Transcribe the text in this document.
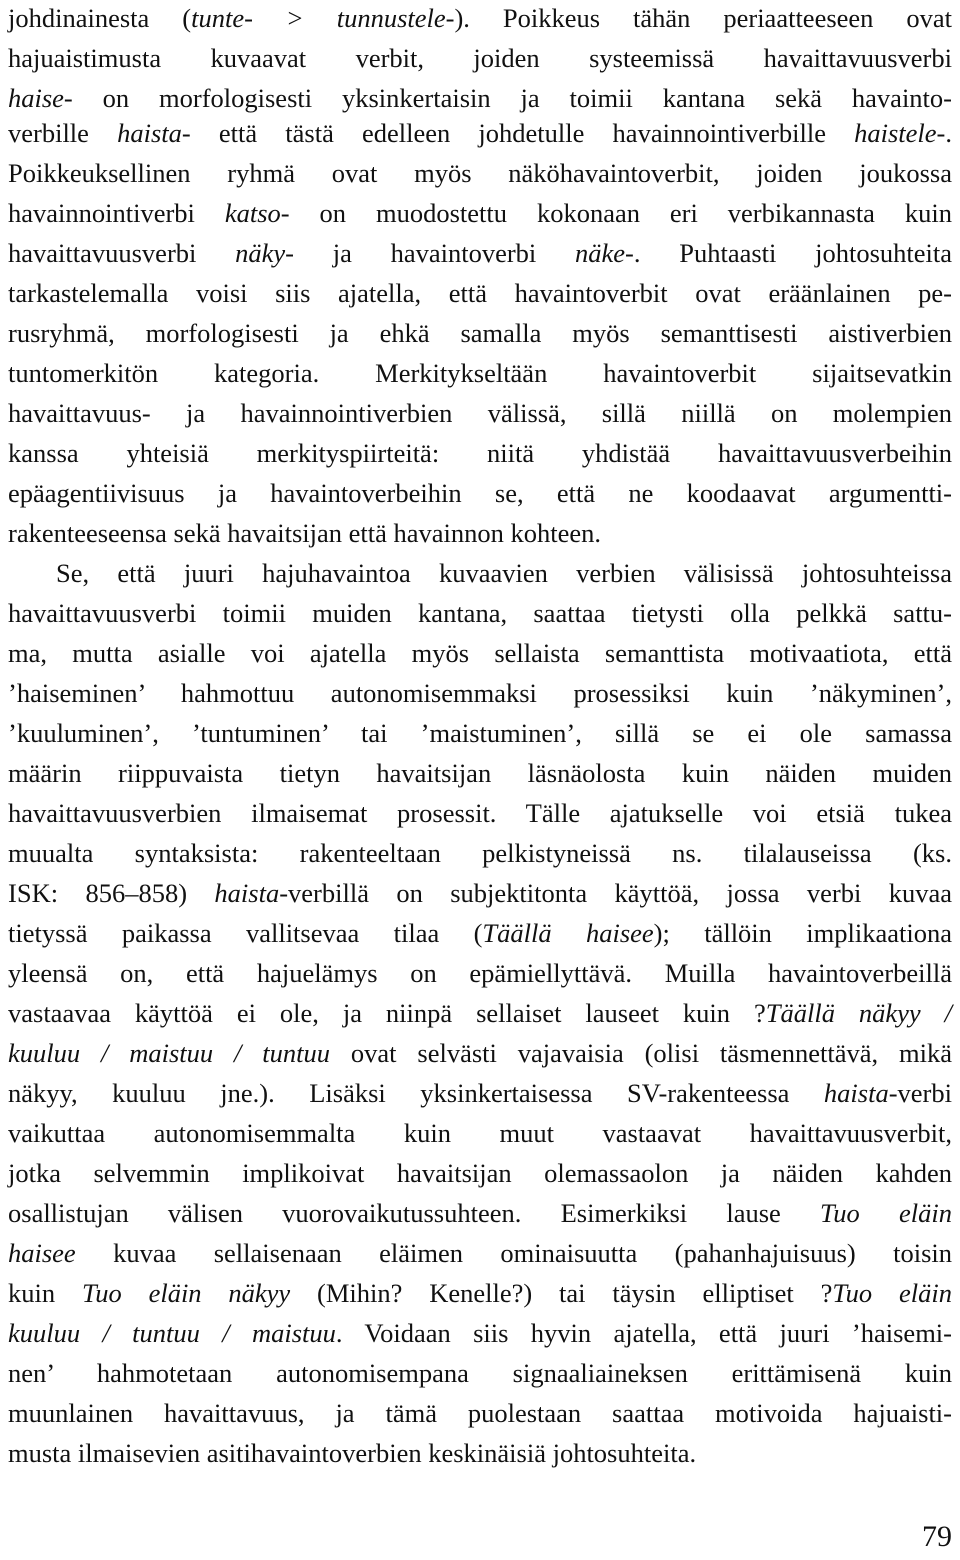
johdinainesta (tunte- > tunnustele-). Poikkeus tähän periaatteeseen ovat
hajuaistimusta kuvaavat verbit, joiden systeemissä havaittavuusverbi
haise- on morfologisesti yksinkertaisin ja toimii kantana sekä havainto-
verbille haista- että tästä edelleen johdetulle havainnointiverbille haistele-.
Poikkeuksellinen ryhmä ovat myös näköhavaintoverbit, joiden joukossa
havainnointiverbi katso- on muodostettu kokonaan eri verbikannasta kuin
havaittavuusverbi näky- ja havaintoverbi näke-. Puhtaasti johtosuhteita
tarkastelemalla voisi siis ajatella, että havaintoverbit ovat eräänlainen pe-
rusryhmä, morfologisesti ja ehkä samalla myös semanttisesti aistiverbien
tuntomerkitön kategoria. Merkitykseltään havaintoverbit sijaitsevatkin
havaittavuus- ja havainnointiverbien välissä, sillä niillä on molempien
kanssa yhteisiä merkityspiirteitä: niitä yhdistää havaittavuusverbeihin
epäagentiivisuus ja havaintoverbeihin se, että ne koodaavat argumentti-
rakenteeseensa sekä havaitsijan että havainnon kohteen.
Se, että juuri hajuhavaintoa kuvaavien verbien välisissä johtosuhteissa
havaittavuusverbi toimii muiden kantana, saattaa tietysti olla pelkkä sattu-
ma, mutta asialle voi ajatella myös sellaista semanttista motivaatiota, että
’haiseminen’ hahmottuu autonomisemmaksi prosessiksi kuin ’näkyminen’,
’kuuluminen’, ’tuntuminen’ tai ’maistuminen’, sillä se ei ole samassa
määrin riippuvaista tietyn havaitsijan läsnäolosta kuin näiden muiden
havaittavuusverbien ilmaisemat prosessit. Tälle ajatukselle voi etsiä tukea
muualta syntaksista: rakenteeltaan pelkistyneissä ns. tilalauseissa (ks.
ISK: 856–858) haista-verbillä on subjektitonta käyttöä, jossa verbi kuvaa
tietyssä paikassa vallitsevaa tilaa (Täällä haisee); tällöin implikaationa
yleensä on, että hajuelämys on epämiellyttävä. Muilla havaintoverbeillä
vastaavaa käyttöä ei ole, ja niinpä sellaiset lauseet kuin ?Täällä näkyy /
kuuluu / maistuu / tuntuu ovat selvästi vajavaisia (olisi täsmennettävä, mikä
näkyy, kuuluu jne.). Lisäksi yksinkertaisessa SV-rakenteessa haista-verbi
vaikuttaa autonomisemmalta kuin muut vastaavat havaittavuusverbit,
jotka selvemmin implikoivat havaitsijan olemassaolon ja näiden kahden
osallistujan välisen vuorovaikutussuhteen. Esimerkiksi lause Tuo eläin
haisee kuvaa sellaisenaan eläimen ominaisuutta (pahanhajuisuus) toisin
kuin Tuo eläin näkyy (Mihin? Kenelle?) tai täysin elliptiset ?Tuo eläin
kuuluu / tuntuu / maistuu. Voidaan siis hyvin ajatella, että juuri ’haisemi-
nen’ hahmotetaan autonomisempana signaaliaineksen erittämisenä kuin
muunlainen havaittavuus, ja tämä puolestaan saattaa motivoida hajuaisti-
musta ilmaisevien asitihavaintoverbien keskinäisiä johtosuhteita.
79
